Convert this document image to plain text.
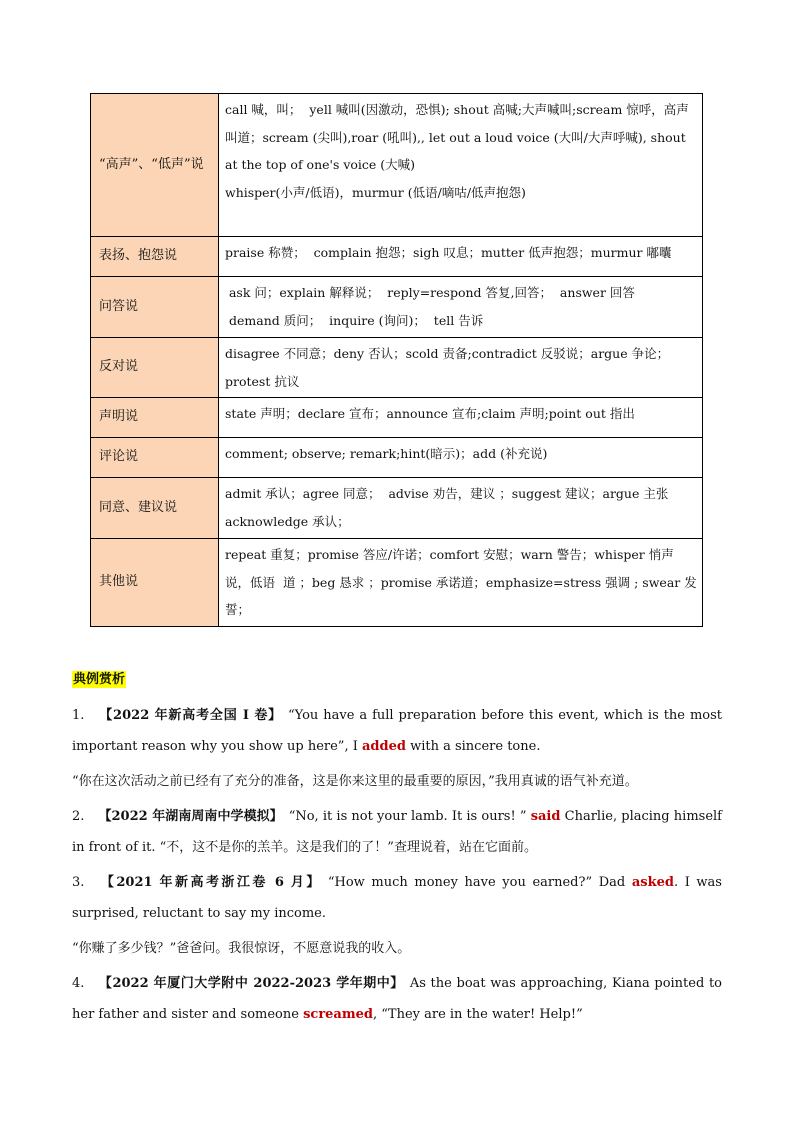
“高声”、“低声”说	call 喊，叫；  yell 喊叫(因激动，恐惧); shout 高喊;大声喊叫;scream 惊呼，高声叫道；scream (尖叫),roar (吼叫),, let out a loud voice (大叫/大声呼喊), shout at the top of one's voice (大喊)
whisper(小声/低语)，murmur (低语/嘀咕/低声抱怨)

表扬、抱怨说	praise 称赞；  complain 抱怨；sigh 叹息；mutter 低声抱怨；murmur 嘟囔

问答说	ask 问；explain 解释说；  reply=respond 答复,回答；  answer 回答
demand 质问；  inquire (询问)；  tell 告诉

反对说	disagree 不同意；deny 否认；scold 责备;contradict 反驳说；argue 争论；protest 抗议

声明说	state 声明；declare 宣布；announce 宣布;claim 声明;point out 指出

评论说	comment; observe; remark;hint(暗示)；add (补充说)

同意、建议说	admit 承认；agree 同意；  advise 劝告，建议 ；suggest 建议；argue 主张
acknowledge 承认；

其他说	repeat 重复；promise 答应/许诺；comfort 安慰；warn 警告；whisper 悄声说，低语  道 ；beg 恳求 ；promise 承诺道；emphasize=stress 强调 ; swear 发誓；
典例赏析
1. 【2022 年新高考全国 I 卷】 “You have a full preparation before this event, which is the most important reason why you show up here”, I added with a sincere tone.
“你在这次活动之前已经有了充分的准备，这是你来这里的最重要的原因，”我用真诚的语气补充道。
2. 【2022 年湖南周南中学模拟】 “No, it is not your lamb. It is ours! ” said Charlie, placing himself in front of it. “不，这不是你的羔羊。这是我们的了！”查理说着，站在它面前。
3. 【2021 年新高考浙江卷 6 月】 “How much money have you earned?” Dad asked. I was surprised, reluctant to say my income.
“你赚了多少钱？”爸爸问。我很惊讶，不愿意说我的收入。
4. 【2022 年厦门大学附中 2022-2023 学年期中】 As the boat was approaching, Kiana pointed to her father and sister and someone screamed, “They are in the water! Help!”
